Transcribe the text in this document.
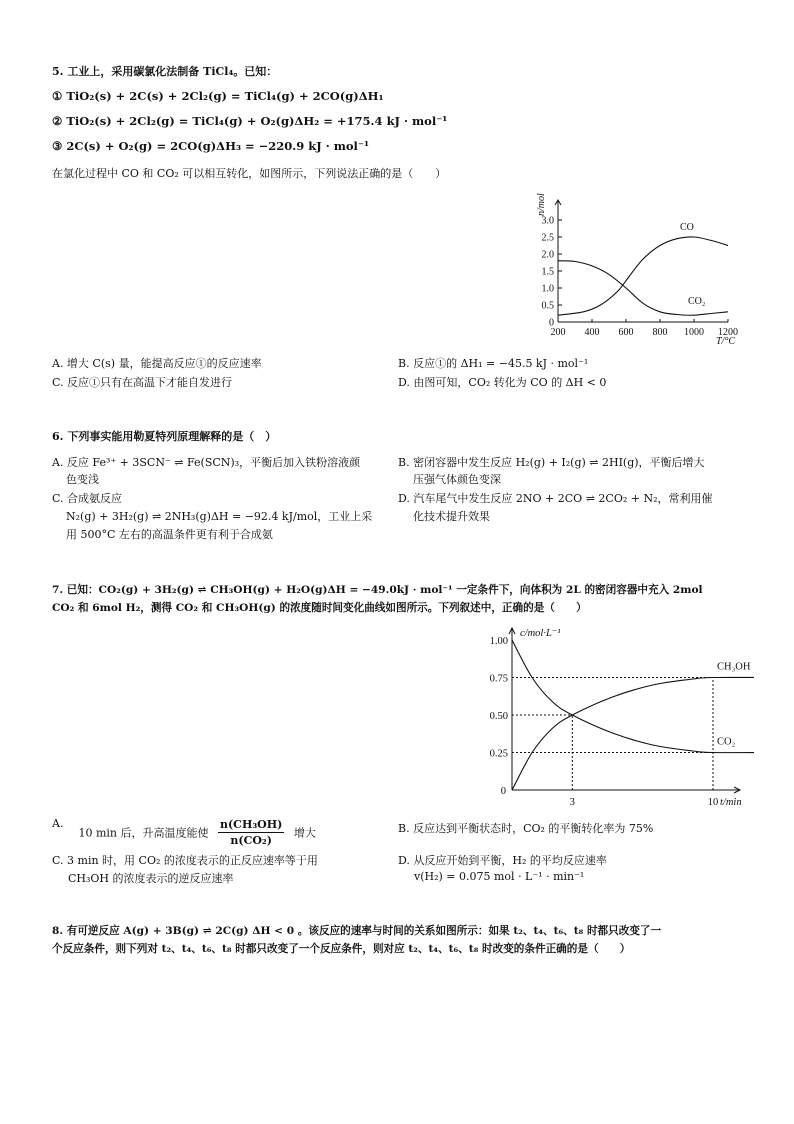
5. 工业上，采用碳氯化法制备 TiCl₄。已知：
① TiO₂(s) + 2C(s) + 2Cl₂(g) = TiCl₄(g) + 2CO(g)ΔH₁
② TiO₂(s) + 2Cl₂(g) = TiCl₄(g) + O₂(g)ΔH₂ = +175.4 kJ · mol⁻¹
③ 2C(s) + O₂(g) = 2CO(g)ΔH₃ = −220.9 kJ · mol⁻¹
在氯化过程中 CO 和 CO₂ 可以相互转化，如图所示，下列说法正确的是（　　）
n/mol
0
0.5
1.0
1.5
2.0
2.5
3.0
200 400 600 800 1000 1200
T/°C
CO
CO₂
A. 增大 C(s) 量，能提高反应①的反应速率	B. 反应①的 ΔH₁ = −45.5 kJ · mol⁻¹
C. 反应①只有在高温下才能自发进行	D. 由图可知，CO₂ 转化为 CO 的 ΔH < 0
6. 下列事实能用勒夏特列原理解释的是（　）
A. 反应 Fe³⁺ + 3SCN⁻ ⇌ Fe(SCN)₃，平衡后加入铁粉溶液颜
色变浅
B. 密闭容器中发生反应 H₂(g) + I₂(g) ⇌ 2HI(g)，平衡后增大
压强气体颜色变深
C. 合成氨反应
N₂(g) + 3H₂(g) ⇌ 2NH₃(g)ΔH = −92.4 kJ/mol，工业上采
用 500°C 左右的高温条件更有利于合成氨
D. 汽车尾气中发生反应 2NO + 2CO ⇌ 2CO₂ + N₂，常利用催
化技术提升效果
7. 已知：CO₂(g) + 3H₂(g) ⇌ CH₃OH(g) + H₂O(g)ΔH = −49.0kJ · mol⁻¹ 一定条件下，向体积为 2L 的密闭容器中充入 2mol
CO₂ 和 6mol H₂，测得 CO₂ 和 CH₃OH(g) 的浓度随时间变化曲线如图所示。下列叙述中，正确的是（　　）
c/mol·L⁻¹
0
0.25
0.50
0.75
1.00
3	10 t/min
CH₃OH
CO₂
A.  10 min 后，升高温度能使 $\frac{\text{n(CH₃OH)}}{\text{n(CO₂)}}$ 增大	B. 反应达到平衡状态时，CO₂ 的平衡转化率为 75%
C. 3 min 时，用 CO₂ 的浓度表示的正反应速率等于用
CH₃OH 的浓度表示的逆反应速率
D. 从反应开始到平衡，H₂ 的平均反应速率
v(H₂) = 0.075 mol · L⁻¹ · min⁻¹
8. 有可逆反应 A(g) + 3B(g) ⇌ 2C(g) ΔH < 0 。该反应的速率与时间的关系如图所示：如果 t₂、t₄、t₆、t₈ 时都只改变了一
个反应条件，则下列对 t₂、t₄、t₆、t₈ 时都只改变了一个反应条件，则对应 t₂、t₄、t₆、t₈ 时改变的条件正确的是（　　）
